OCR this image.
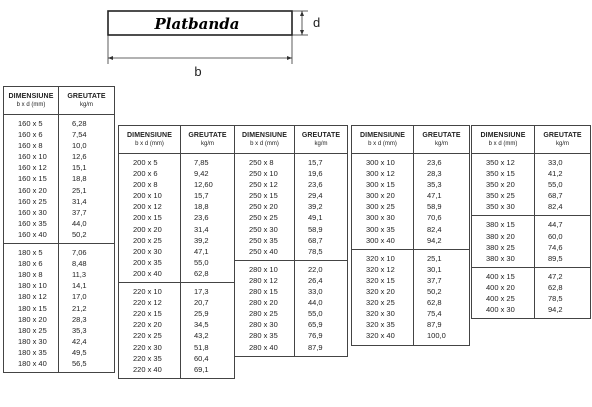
Platbanda	d
b
DIMENSIUNE
b x d (mm)
GREUTATE
kg/m
160 x 5
160 x 6
160 x 8
160 x 10
160 x 12
160 x 15
160 x 20
160 x 25
160 x 30
160 x 35
160 x 40
6,28
7,54
10,0
12,6
15,1
18,8
25,1
31,4
37,7
44,0
50,2
180 x 5
180 x 6
180 x 8
180 x 10
180 x 12
180 x 15
180 x 20
180 x 25
180 x 30
180 x 35
180 x 40
7,06
8,48
11,3
14,1
17,0
21,2
28,3
35,3
42,4
49,5
56,5
DIMENSIUNE
b x d (mm)
GREUTATE
kg/m
200 x 5
200 x 6
200 x 8
200 x 10
200 x 12
200 x 15
200 x 20
200 x 25
200 x 30
200 x 35
200 x 40
7,85
9,42
12,60
15,7
18,8
23,6
31,4
39,2
47,1
55,0
62,8
220 x 10
220 x 12
220 x 15
220 x 20
220 x 25
220 x 30
220 x 35
220 x 40
17,3
20,7
25,9
34,5
43,2
51,8
60,4
69,1
DIMENSIUNE
b x d (mm)
GREUTATE
kg/m
250 x 8
250 x 10
250 x 12
250 x 15
250 x 20
250 x 25
250 x 30
250 x 35
250 x 40
15,7
19,6
23,6
29,4
39,2
49,1
58,9
68,7
78,5
280 x 10
280 x 12
280 x 15
280 x 20
280 x 25
280 x 30
280 x 35
280 x 40
22,0
26,4
33,0
44,0
55,0
65,9
76,9
87,9
DIMENSIUNE
b x d (mm)
GREUTATE
kg/m
300 x 10
300 x 12
300 x 15
300 x 20
300 x 25
300 x 30
300 x 35
300 x 40
23,6
28,3
35,3
47,1
58,9
70,6
82,4
94,2
320 x 10
320 x 12
320 x 15
320 x 20
320 x 25
320 x 30
320 x 35
320 x 40
25,1
30,1
37,7
50,2
62,8
75,4
87,9
100,0
DIMENSIUNE
b x d (mm)
GREUTATE
kg/m
350 x 12
350 x 15
350 x 20
350 x 25
350 x 30
33,0
41,2
55,0
68,7
82,4
380 x 15
380 x 20
380 x 25
380 x 30
44,7
60,0
74,6
89,5
400 x 15
400 x 20
400 x 25
400 x 30
47,2
62,8
78,5
94,2
